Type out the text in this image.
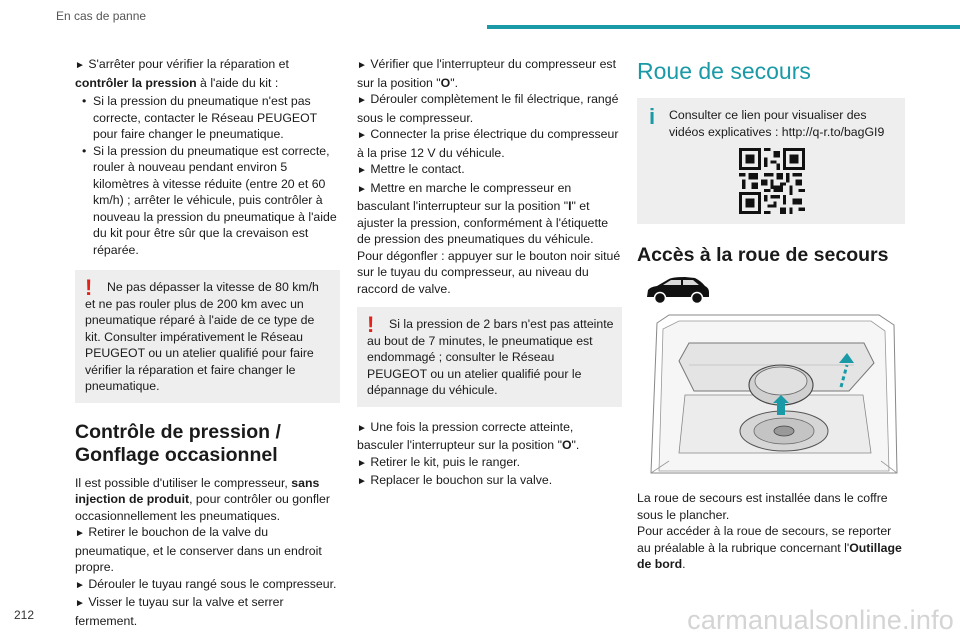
En cas de panne

► S'arrêter pour vérifier la réparation et contrôler la pression à l'aide du kit :

• Si la pression du pneumatique n'est pas correcte, contacter le Réseau PEUGEOT pour faire changer le pneumatique.
• Si la pression du pneumatique est correcte, rouler à nouveau pendant environ 5 kilomètres à vitesse réduite (entre 20 et 60 km/h) ; arrêter le véhicule, puis contrôler à nouveau la pression du pneumatique à l'aide du kit pour être sûr que la crevaison est réparée.
!	Ne pas dépasser la vitesse de 80 km/h et ne pas rouler plus de 200 km avec un pneumatique réparé à l'aide de ce type de kit. Consulter impérativement le Réseau PEUGEOT ou un atelier qualifié pour faire vérifier la réparation et faire changer le pneumatique.

Contrôle de pression / Gonflage occasionnel

Il est possible d'utiliser le compresseur, sans injection de produit, pour contrôler ou gonfler occasionnellement les pneumatiques.

► Retirer le bouchon de la valve du pneumatique, et le conserver dans un endroit propre.

► Dérouler le tuyau rangé sous le compresseur.

► Visser le tuyau sur la valve et serrer fermement.

► Vérifier que l'interrupteur du compresseur est sur la position "O".

► Dérouler complètement le fil électrique, rangé sous le compresseur.

► Connecter la prise électrique du compresseur à la prise 12 V du véhicule.

► Mettre le contact.

► Mettre en marche le compresseur en basculant l'interrupteur sur la position "I" et ajuster la pression, conformément à l'étiquette de pression des pneumatiques du véhicule. Pour dégonfler : appuyer sur le bouton noir situé sur le tuyau du compresseur, au niveau du raccord de valve.

!	Si la pression de 2 bars n'est pas atteinte au bout de 7 minutes, le pneumatique est endommagé ; consulter le Réseau PEUGEOT ou un atelier qualifié pour le dépannage du véhicule.

► Une fois la pression correcte atteinte, basculer l'interrupteur sur la position "O".

► Retirer le kit, puis le ranger.

► Replacer le bouchon sur la valve.

Roue de secours
i	Consulter ce lien pour visualiser des vidéos explicatives : http://q-r.to/bagGI9

Accès à la roue de secours

La roue de secours est installée dans le coffre sous le plancher.

Pour accéder à la roue de secours, se reporter au préalable à la rubrique concernant l'Outillage de bord.

212	carmanualsonline.info
